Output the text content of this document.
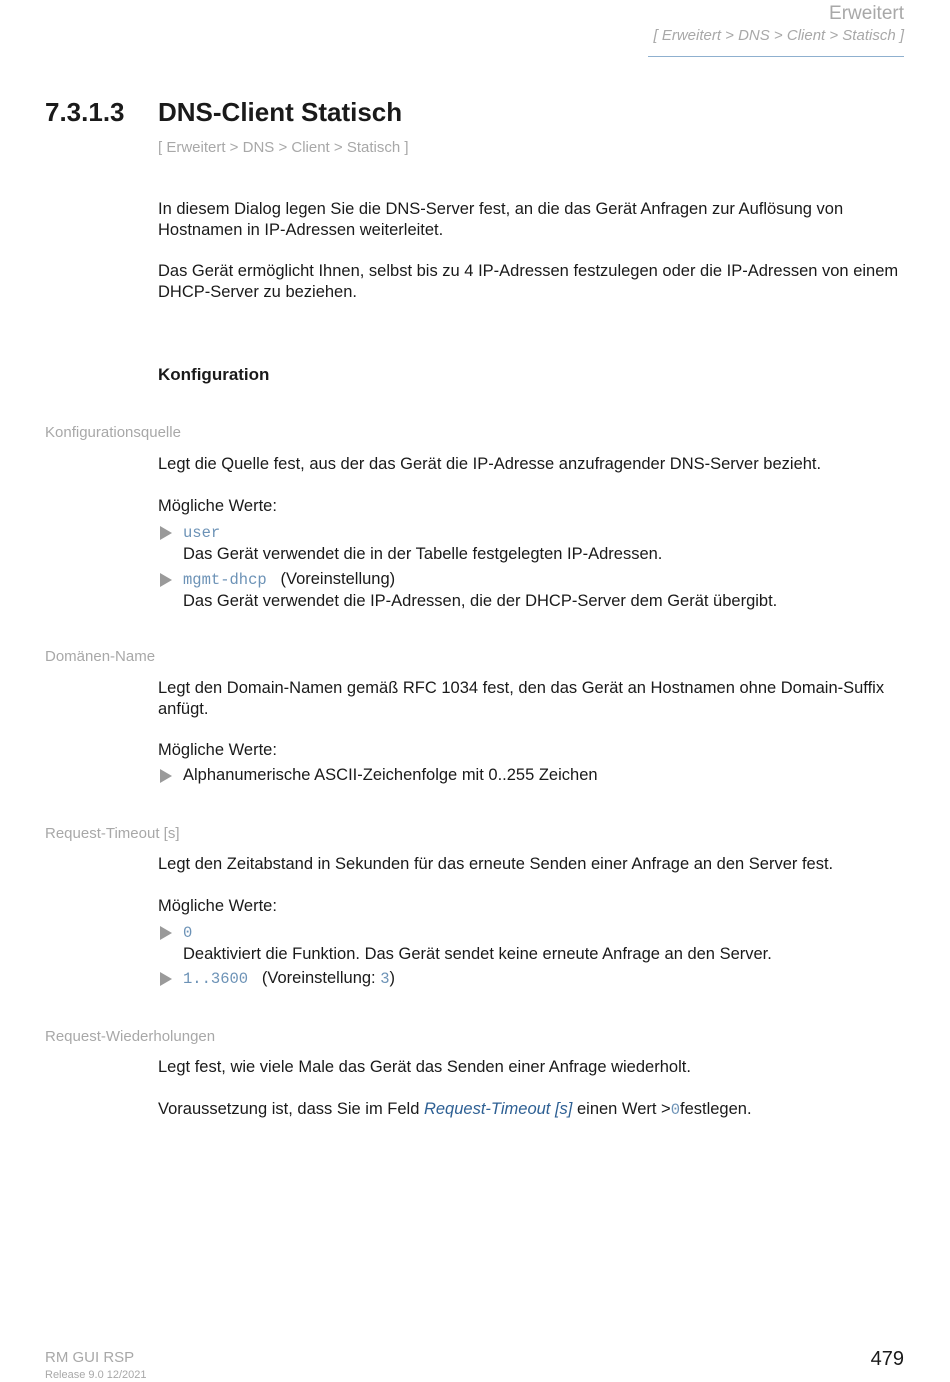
Erweitert
[ Erweitert > DNS > Client > Statisch ]
7.3.1.3 DNS-Client Statisch
[ Erweitert > DNS > Client > Statisch ]
In diesem Dialog legen Sie die DNS-Server fest, an die das Gerät Anfragen zur Auflösung von Hostnamen in IP-Adressen weiterleitet.
Das Gerät ermöglicht Ihnen, selbst bis zu 4 IP-Adressen festzulegen oder die IP-Adressen von einem DHCP-Server zu beziehen.
Konfiguration
Konfigurationsquelle
Legt die Quelle fest, aus der das Gerät die IP-Adresse anzufragender DNS-Server bezieht.
Mögliche Werte:
user
Das Gerät verwendet die in der Tabelle festgelegten IP-Adressen.
mgmt-dhcp (Voreinstellung)
Das Gerät verwendet die IP-Adressen, die der DHCP-Server dem Gerät übergibt.
Domänen-Name
Legt den Domain-Namen gemäß RFC 1034 fest, den das Gerät an Hostnamen ohne Domain-Suffix anfügt.
Mögliche Werte:
Alphanumerische ASCII-Zeichenfolge mit 0..255 Zeichen
Request-Timeout [s]
Legt den Zeitabstand in Sekunden für das erneute Senden einer Anfrage an den Server fest.
Mögliche Werte:
0
Deaktiviert die Funktion. Das Gerät sendet keine erneute Anfrage an den Server.
1..3600 (Voreinstellung: 3)
Request-Wiederholungen
Legt fest, wie viele Male das Gerät das Senden einer Anfrage wiederholt.
Voraussetzung ist, dass Sie im Feld Request-Timeout [s] einen Wert >0festlegen.
RM GUI RSP
Release 9.0 12/2021
479
